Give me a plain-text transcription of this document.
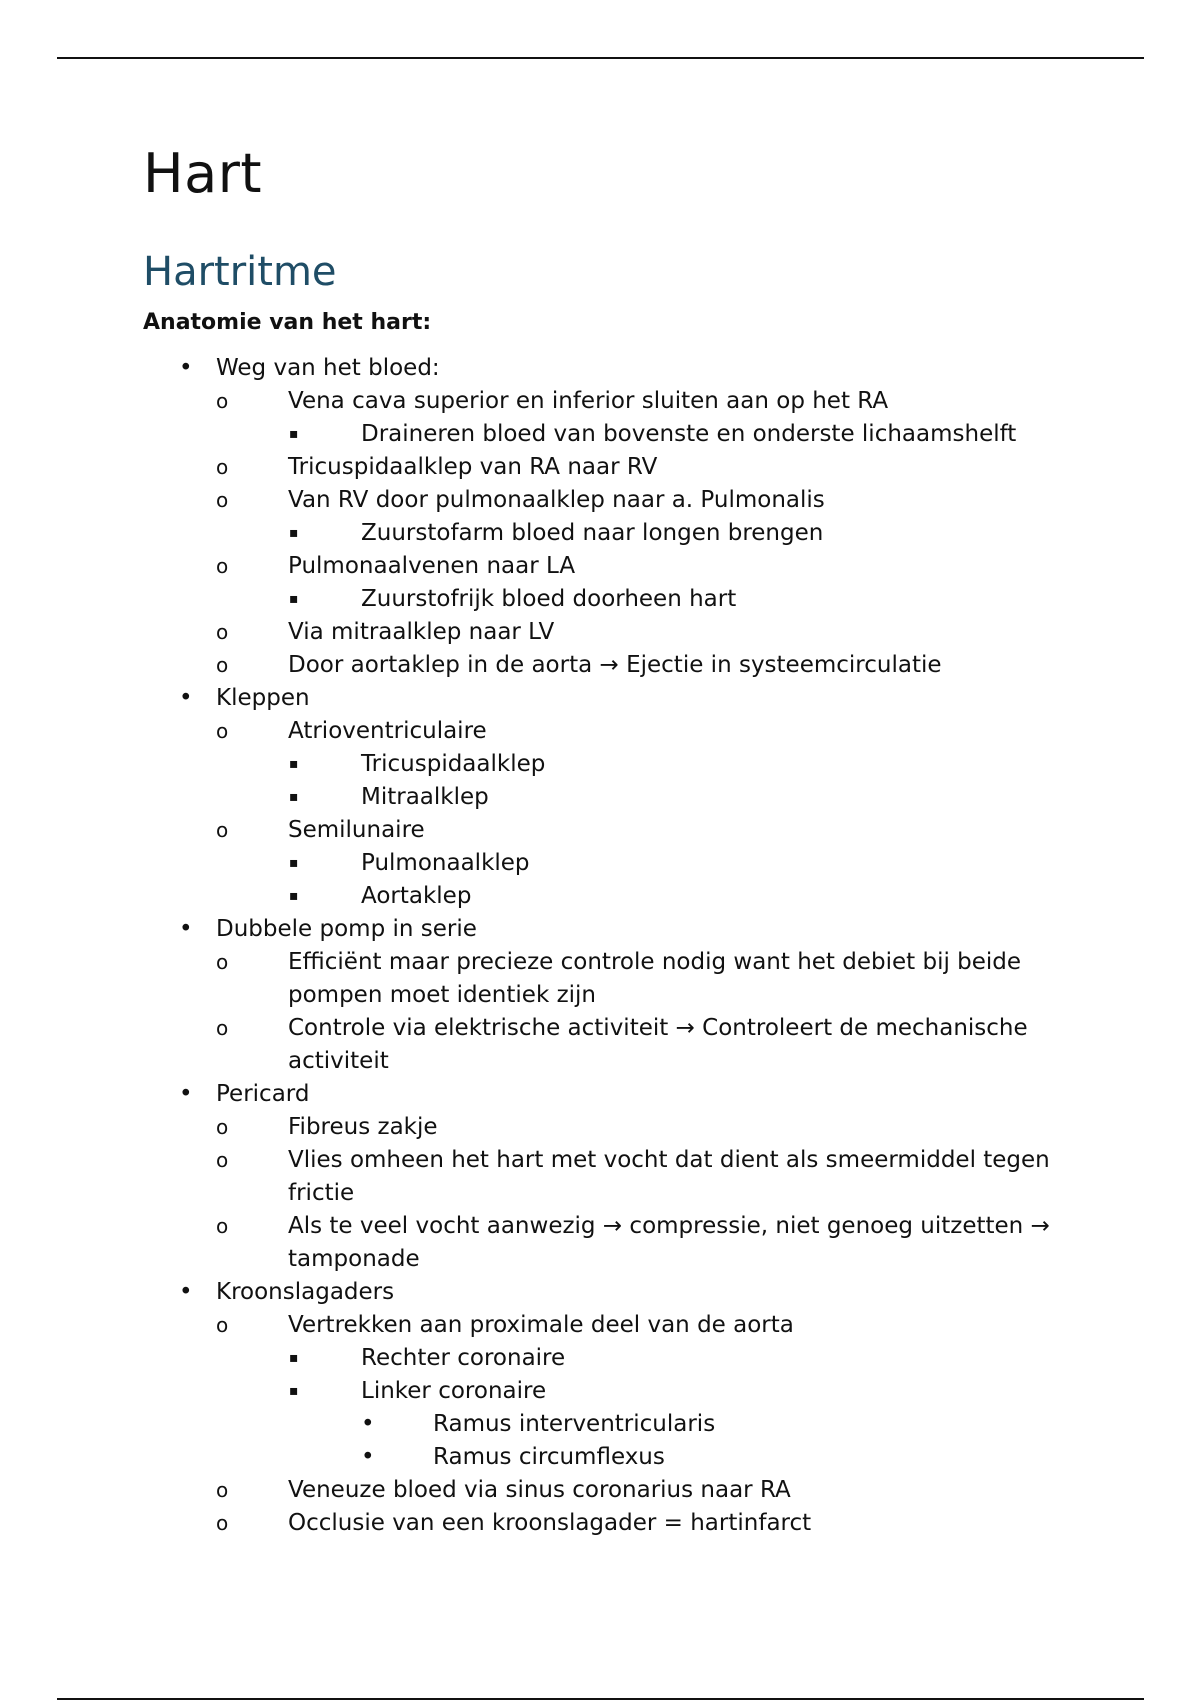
Hart
Hartritme

Anatomie van het hart:

• Weg van het bloed:
o	Vena cava superior en inferior sluiten aan op het RA
▪	Draineren bloed van bovenste en onderste lichaamshelft
o	Tricuspidaalklep van RA naar RV
o	Van RV door pulmonaalklep naar a. Pulmonalis
▪	Zuurstofarm bloed naar longen brengen
o	Pulmonaalvenen naar LA
▪	Zuurstofrijk bloed doorheen hart
o	Via mitraalklep naar LV
o	Door aortaklep in de aorta → Ejectie in systeemcirculatie
• Kleppen
o	Atrioventriculaire
▪	Tricuspidaalklep
▪	Mitraalklep
o	Semilunaire
▪	Pulmonaalklep
▪	Aortaklep
• Dubbele pomp in serie
o	Efficiënt maar precieze controle nodig want het debiet bij beide pompen moet identiek zijn
o	Controle via elektrische activiteit → Controleert de mechanische activiteit
• Pericard
o	Fibreus zakje
o	Vlies omheen het hart met vocht dat dient als smeermiddel tegen frictie
o	Als te veel vocht aanwezig → compressie, niet genoeg uitzetten → tamponade
• Kroonslagaders
o	Vertrekken aan proximale deel van de aorta
▪	Rechter coronaire
▪	Linker coronaire
•	Ramus interventricularis
•	Ramus circumflexus
o	Veneuze bloed via sinus coronarius naar RA
o	Occlusie van een kroonslagader = hartinfarct
